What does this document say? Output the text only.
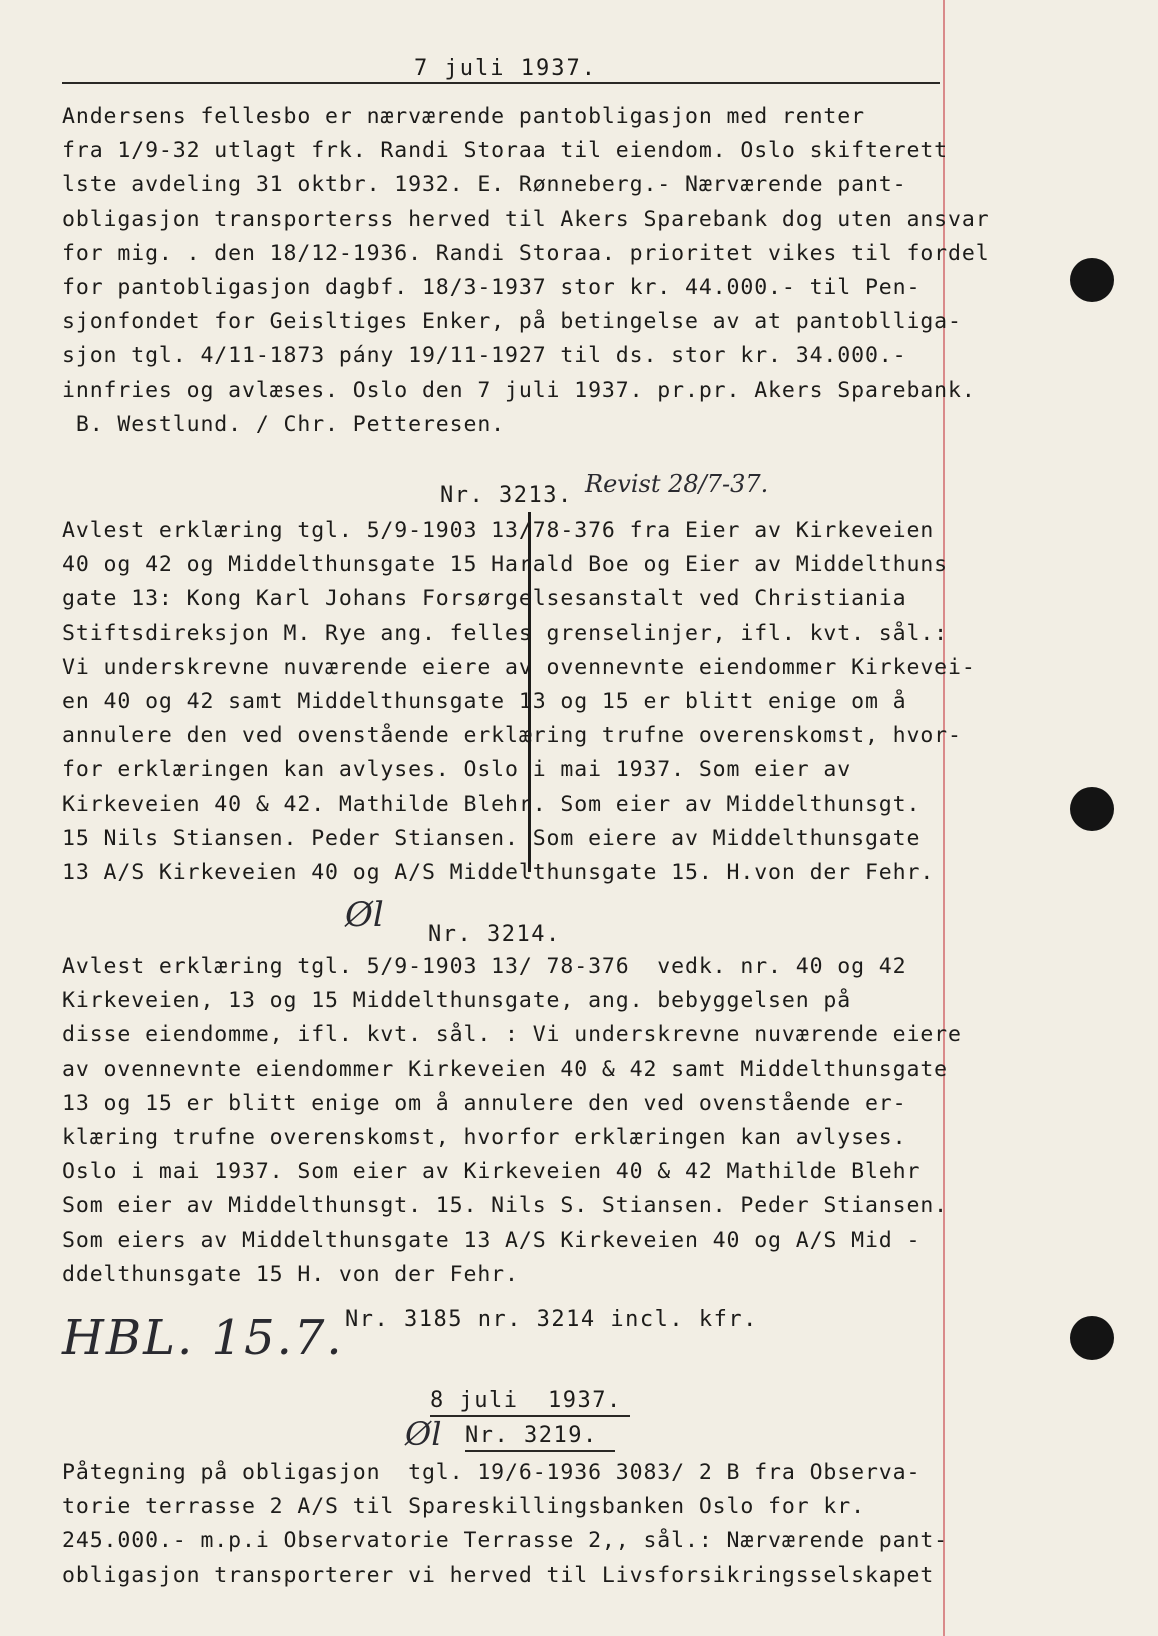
7 juli 1937.
Andersens fellesbo er nærværende pantobligasjon med renter
fra 1/9-32 utlagt frk. Randi Storaa til eiendom. Oslo skifterett
lste avdeling 31 oktbr. 1932. E. Rønneberg.- Nærværende pant-
obligasjon transporterss herved til Akers Sparebank dog uten ansvar
for mig. . den 18/12-1936. Randi Storaa. prioritet vikes til fordel
for pantobligasjon dagbf. 18/3-1937 stor kr. 44.000.- til Pen-
sjonfondet for Geisltiges Enker, på betingelse av at pantoblliga-
sjon tgl. 4/11-1873 pány 19/11-1927 til ds. stor kr. 34.000.-
innfries og avlæses. Oslo den 7 juli 1937. pr.pr. Akers Sparebank.
B. Westlund. / Chr. Petteresen.
Nr. 3213. Revist 28/7-37.
Avlest erklæring tgl. 5/9-1903 13/78-376 fra Eier av Kirkeveien
40 og 42 og Middelthunsgate 15 Harald Boe og Eier av Middelthuns
gate 13: Kong Karl Johans Forsørgelsesanstalt ved Christiania
Stiftsdireksjon M. Rye ang. felles grenselinjer, ifl. kvt. sål.:
Vi underskrevne nuværende eiere av ovennevnte eiendommer Kirkevei-
en 40 og 42 samt Middelthunsgate 13 og 15 er blitt enige om å
annulere den ved ovenstående erklæring trufne overenskomst, hvor-
for erklæringen kan avlyses. Oslo i mai 1937. Som eier av
Kirkeveien 40 & 42. Mathilde Blehr. Som eier av Middelthunsgt.
15 Nils Stiansen. Peder Stiansen. Som eiere av Middelthunsgate
13 A/S Kirkeveien 40 og A/S Middelthunsgate 15. H.von der Fehr.
Øl Nr. 3214.
Avlest erklæring tgl. 5/9-1903 13/ 78-376  vedk. nr. 40 og 42
Kirkeveien, 13 og 15 Middelthunsgate, ang. bebyggelsen på
disse eiendomme, ifl. kvt. sål. : Vi underskrevne nuværende eiere
av ovennevnte eiendommer Kirkeveien 40 & 42 samt Middelthunsgate
13 og 15 er blitt enige om å annulere den ved ovenstående er-
klæring trufne overenskomst, hvorfor erklæringen kan avlyses.
Oslo i mai 1937. Som eier av Kirkeveien 40 & 42 Mathilde Blehr
Som eier av Middelthunsgt. 15. Nils S. Stiansen. Peder Stiansen.
Som eiers av Middelthunsgate 13 A/S Kirkeveien 40 og A/S Mid -
ddelthunsgate 15 H. von der Fehr.
Nr. 3185 nr. 3214 incl. kfr.
HBL. 15.7.
8 juli  1937.
Øl Nr. 3219.
Påtegning på obligasjon  tgl. 19/6-1936 3083/ 2 B fra Observa-
torie terrasse 2 A/S til Spareskillingsbanken Oslo for kr.
245.000.- m.p.i Observatorie Terrasse 2,, sål.: Nærværende pant-
obligasjon transporterer vi herved til Livsforsikringsselskapet
